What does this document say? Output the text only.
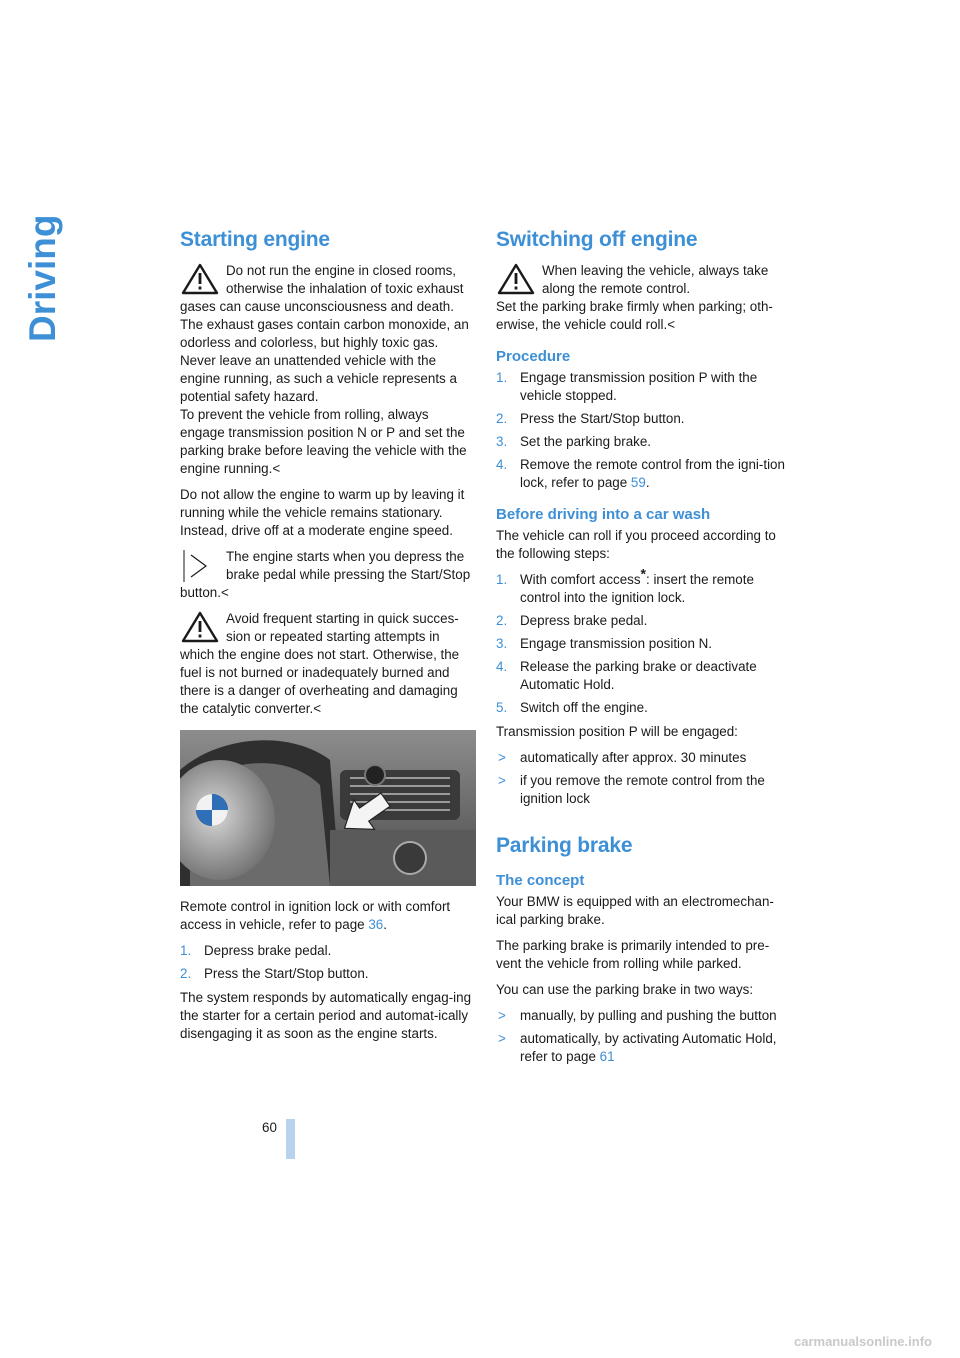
Driving	Starting engine

Do not run the engine in closed rooms, otherwise the inhalation of toxic exhaust gases can cause unconsciousness and death. The exhaust gases contain carbon monoxide, an odorless and colorless, but highly toxic gas. Never leave an unattended vehicle with the engine running, as such a vehicle represents a potential safety hazard.

To prevent the vehicle from rolling, always engage transmission position N or P and set the parking brake before leaving the vehicle with the engine running.<

Do not allow the engine to warm up by leaving it running while the vehicle remains stationary. Instead, drive off at a moderate engine speed.

The engine starts when you depress the brake pedal while pressing the Start/Stop button.<

Avoid frequent starting in quick succes-sion or repeated starting attempts in which the engine does not start. Otherwise, the fuel is not burned or inadequately burned and there is a danger of overheating and damaging the catalytic converter.<

Remote control in ignition lock or with comfort access in vehicle, refer to page 36.

1. Depress brake pedal.
2. Press the Start/Stop button.

The system responds by automatically engag-ing the starter for a certain period and automat-ically disengaging it as soon as the engine starts.

Switching off engine

When leaving the vehicle, always take along the remote control.

Set the parking brake firmly when parking; oth-erwise, the vehicle could roll.<

Procedure
1. Engage transmission position P with the vehicle stopped.
2. Press the Start/Stop button.
3. Set the parking brake.
4. Remove the remote control from the igni-tion lock, refer to page 59.
Before driving into a car wash

The vehicle can roll if you proceed according to the following steps:

1. With comfort access*: insert the remote control into the ignition lock.
2. Depress brake pedal.
3. Engage transmission position N.
4. Release the parking brake or deactivate Automatic Hold.
5. Switch off the engine.

Transmission position P will be engaged:

> automatically after approx. 30 minutes
> if you remove the remote control from the ignition lock
Parking brake
The concept

Your BMW is equipped with an electromechan-ical parking brake.

The parking brake is primarily intended to pre-vent the vehicle from rolling while parked.

You can use the parking brake in two ways:

> manually, by pulling and pushing the button
> automatically, by activating Automatic Hold, refer to page 61
60
carmanualsonline.info
